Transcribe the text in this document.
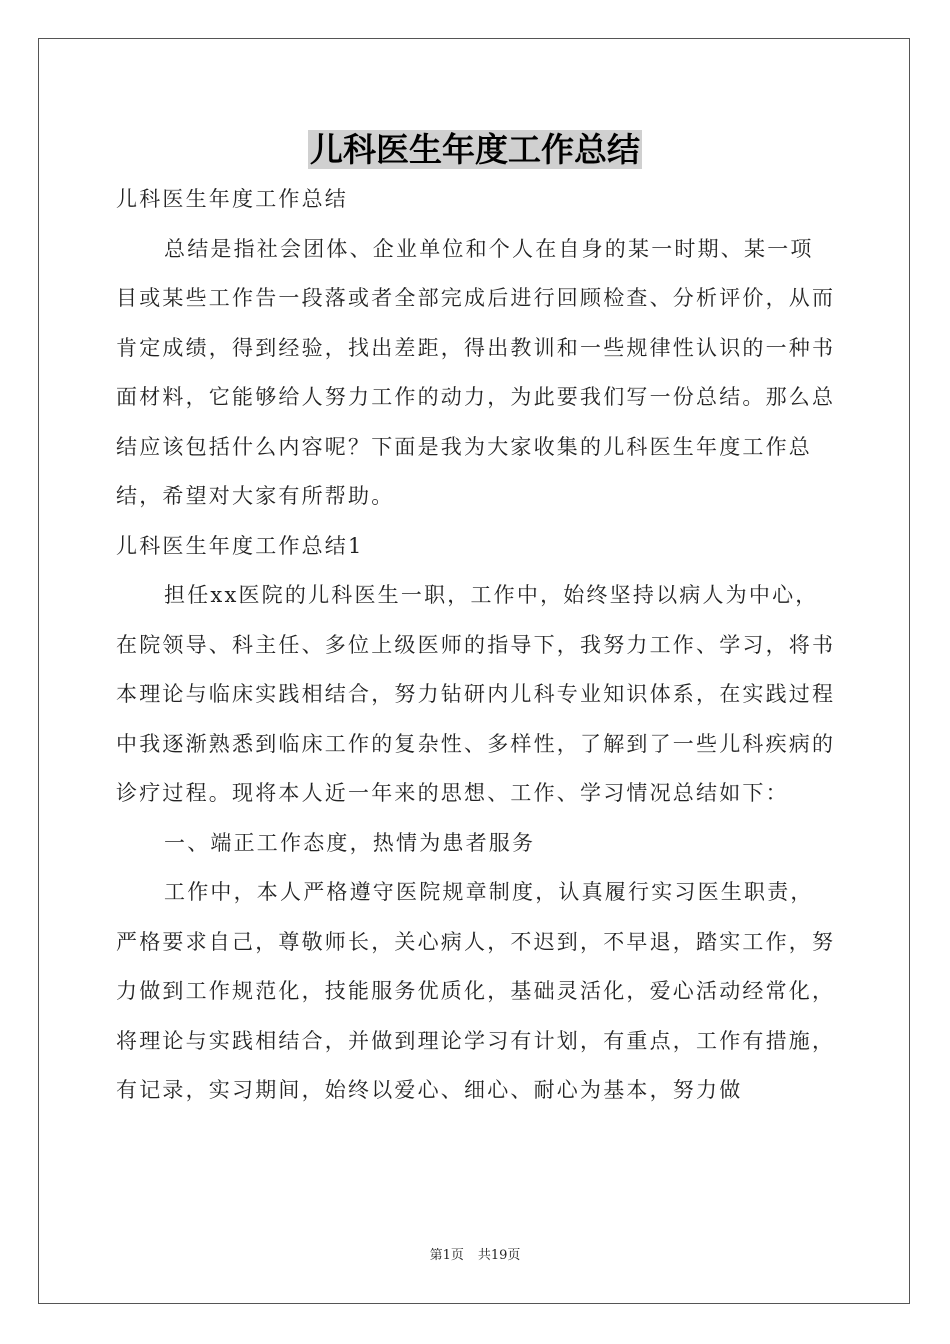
儿科医生年度工作总结

儿科医生年度工作总结

总结是指社会团体、企业单位和个人在自身的某一时期、某一项目或某些工作告一段落或者全部完成后进行回顾检查、分析评价，从而肯定成绩，得到经验，找出差距，得出教训和一些规律性认识的一种书面材料，它能够给人努力工作的动力，为此要我们写一份总结。那么总结应该包括什么内容呢？下面是我为大家收集的儿科医生年度工作总结，希望对大家有所帮助。

儿科医生年度工作总结1

担任xx医院的儿科医生一职，工作中，始终坚持以病人为中心，在院领导、科主任、多位上级医师的指导下，我努力工作、学习，将书本理论与临床实践相结合，努力钻研内儿科专业知识体系，在实践过程中我逐渐熟悉到临床工作的复杂性、多样性，了解到了一些儿科疾病的诊疗过程。现将本人近一年来的思想、工作、学习情况总结如下：

一、端正工作态度，热情为患者服务

工作中，本人严格遵守医院规章制度，认真履行实习医生职责，严格要求自己，尊敬师长，关心病人，不迟到，不早退，踏实工作，努力做到工作规范化，技能服务优质化，基础灵活化，爱心活动经常化，将理论与实践相结合，并做到理论学习有计划，有重点，工作有措施，有记录，实习期间，始终以爱心、细心、耐心为基本，努力做

第1页 共19页
